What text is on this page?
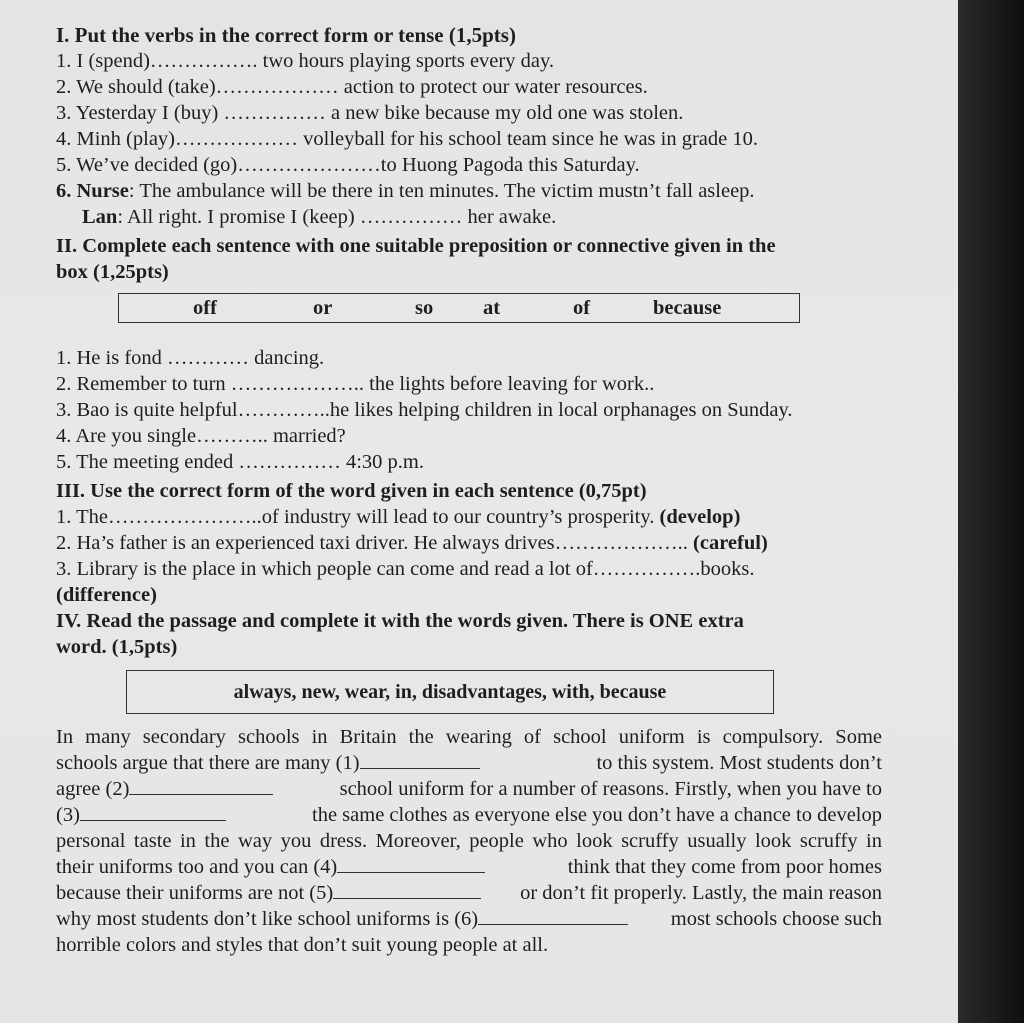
I. Put the verbs in the correct form or tense (1,5pts)
1. I (spend)……………. two hours playing sports every day.
2. We should (take)……………… action to protect our water resources.
3. Yesterday I (buy) …………… a new bike because my old one was stolen.
4. Minh (play)……………… volleyball for his school team since he was in grade 10.
5. We’ve decided (go)…………………to Huong Pagoda this Saturday.
6. Nurse: The ambulance will be there in ten minutes. The victim mustn’t fall asleep.
Lan: All right. I promise I (keep) …………… her awake.
II. Complete each sentence with one suitable preposition or connective given in the
box (1,25pts)
off	or	so at	of	because
1. He is fond ………… dancing.
2. Remember to turn ……………….. the lights before leaving for work..
3. Bao is quite helpful…………..he likes helping children in local orphanages on Sunday.
4. Are you single……….. married?
5. The meeting ended …………… 4:30 p.m.
III. Use the correct form of the word given in each sentence (0,75pt)
1. The…………………..of industry will lead to our country’s prosperity. (develop)
2. Ha’s father is an experienced taxi driver. He always drives……………….. (careful)
3. Library is the place in which people can come and read a lot of…………….books.
(difference)
IV. Read the passage and complete it with the words given. There is ONE extra
word. (1,5pts)
always, new, wear, in, disadvantages, with, because
In many secondary schools in Britain the wearing of school uniform is compulsory. Some
schools argue that there are many (1)	to this system. Most students don’t
agree (2)	school uniform for a number of reasons. Firstly, when you have to
(3)	the same clothes as everyone else you don’t have a chance to develop
personal taste in the way you dress. Moreover, people who look scruffy usually look scruffy in
their uniforms too and you can (4)	think that they come from poor homes
because their uniforms are not (5)	or don’t fit properly. Lastly, the main reason
why most students don’t like school uniforms is (6)	most schools choose such
horrible colors and styles that don’t suit young people at all.
